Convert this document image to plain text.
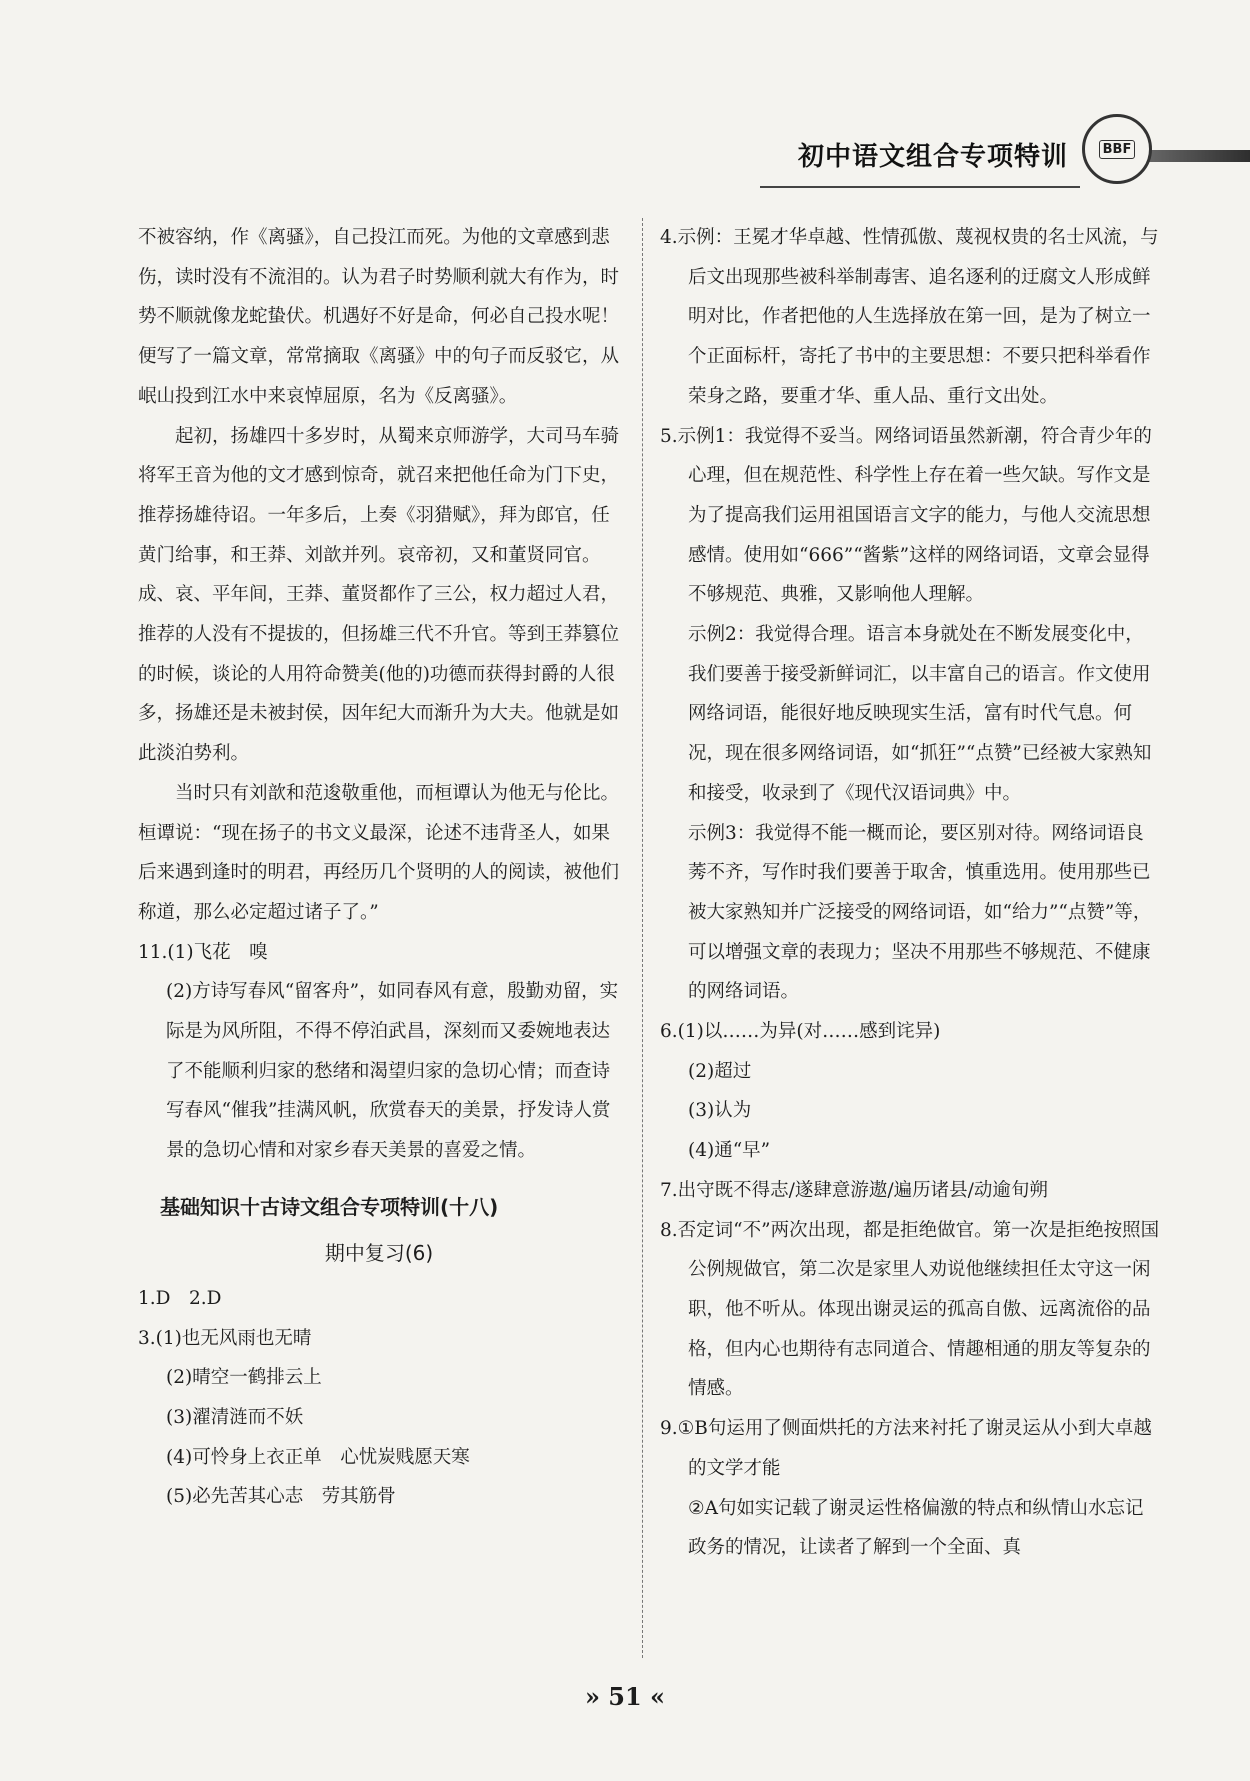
初中语文组合专项特训	BBF

不被容纳，作《离骚》，自己投江而死。为他的文章感到悲伤，读时没有不流泪的。认为君子时势顺利就大有作为，时势不顺就像龙蛇蛰伏。机遇好不好是命，何必自己投水呢！便写了一篇文章，常常摘取《离骚》中的句子而反驳它，从岷山投到江水中来哀悼屈原，名为《反离骚》。

起初，扬雄四十多岁时，从蜀来京师游学，大司马车骑将军王音为他的文才感到惊奇，就召来把他任命为门下史，推荐扬雄待诏。一年多后，上奏《羽猎赋》，拜为郎官，任黄门给事，和王莽、刘歆并列。哀帝初，又和董贤同官。成、哀、平年间，王莽、董贤都作了三公，权力超过人君，推荐的人没有不提拔的，但扬雄三代不升官。等到王莽篡位的时候，谈论的人用符命赞美(他的)功德而获得封爵的人很多，扬雄还是未被封侯，因年纪大而渐升为大夫。他就是如此淡泊势利。

当时只有刘歆和范逡敬重他，而桓谭认为他无与伦比。桓谭说：“现在扬子的书文义最深，论述不违背圣人，如果后来遇到逢时的明君，再经历几个贤明的人的阅读，被他们称道，那么必定超过诸子了。”

11.(1)飞花　嗅

(2)方诗写春风“留客舟”，如同春风有意，殷勤劝留，实际是为风所阻，不得不停泊武昌，深刻而又委婉地表达了不能顺利归家的愁绪和渴望归家的急切心情；而查诗写春风“催我”挂满风帆，欣赏春天的美景，抒发诗人赏景的急切心情和对家乡春天美景的喜爱之情。

基础知识十古诗文组合专项特训(十八)
期中复习(6)

1.D　2.D

3.(1)也无风雨也无晴

(2)晴空一鹤排云上

(3)濯清涟而不妖

(4)可怜身上衣正单　心忧炭贱愿天寒

(5)必先苦其心志　劳其筋骨

4.示例：王冕才华卓越、性情孤傲、蔑视权贵的名士风流，与后文出现那些被科举制毒害、追名逐利的迂腐文人形成鲜明对比，作者把他的人生选择放在第一回，是为了树立一个正面标杆，寄托了书中的主要思想：不要只把科举看作荣身之路，要重才华、重人品、重行文出处。

5.示例1：我觉得不妥当。网络词语虽然新潮，符合青少年的心理，但在规范性、科学性上存在着一些欠缺。写作文是为了提高我们运用祖国语言文字的能力，与他人交流思想感情。使用如“666”“酱紫”这样的网络词语，文章会显得不够规范、典雅，又影响他人理解。

示例2：我觉得合理。语言本身就处在不断发展变化中，我们要善于接受新鲜词汇，以丰富自己的语言。作文使用网络词语，能很好地反映现实生活，富有时代气息。何况，现在很多网络词语，如“抓狂”“点赞”已经被大家熟知和接受，收录到了《现代汉语词典》中。

示例3：我觉得不能一概而论，要区别对待。网络词语良莠不齐，写作时我们要善于取舍，慎重选用。使用那些已被大家熟知并广泛接受的网络词语，如“给力”“点赞”等，可以增强文章的表现力；坚决不用那些不够规范、不健康的网络词语。

6.(1)以……为异(对……感到诧异)

(2)超过

(3)认为

(4)通“早”

7.出守既不得志/遂肆意游遨/遍历诸县/动逾旬朔

8.否定词“不”两次出现，都是拒绝做官。第一次是拒绝按照国公例规做官，第二次是家里人劝说他继续担任太守这一闲职，他不听从。体现出谢灵运的孤高自傲、远离流俗的品格，但内心也期待有志同道合、情趣相通的朋友等复杂的情感。

9.①B句运用了侧面烘托的方法来衬托了谢灵运从小到大卓越的文学才能

②A句如实记载了谢灵运性格偏激的特点和纵情山水忘记政务的情况，让读者了解到一个全面、真

» 51 «
